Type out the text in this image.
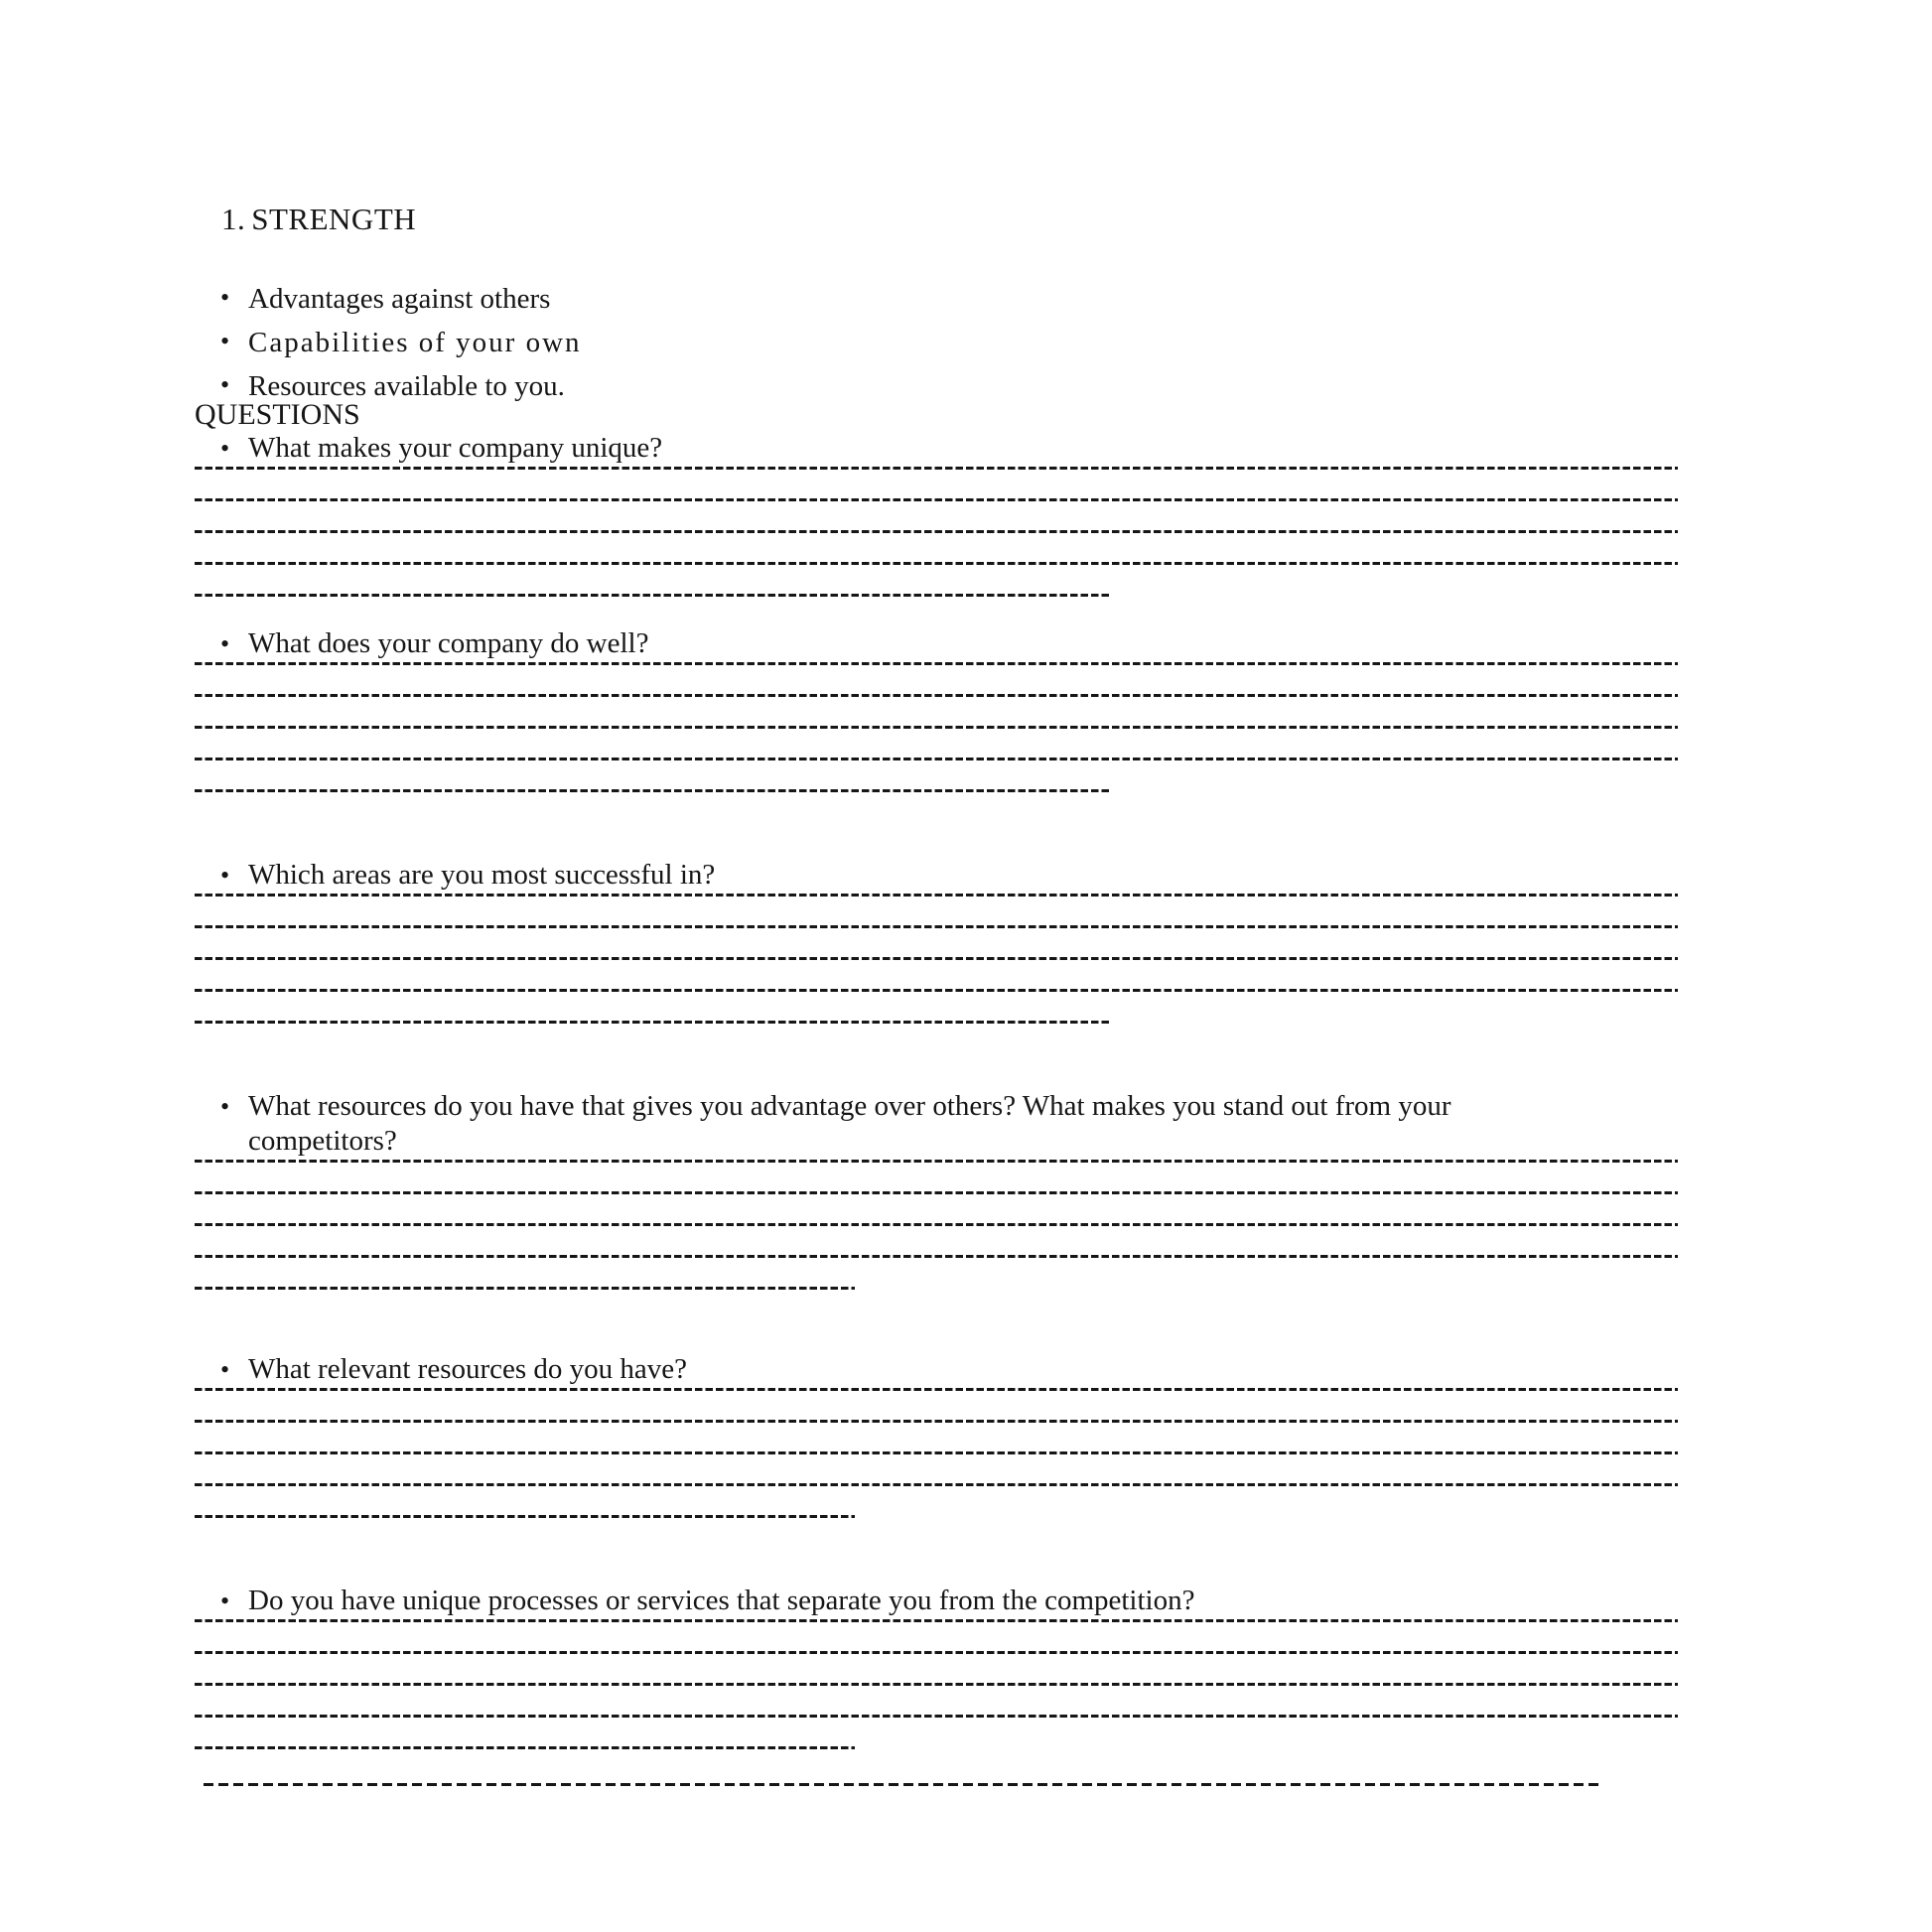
1. STRENGTH
• Advantages against others
• Capabilities of your own
• Resources available to you.
QUESTIONS
• What makes your company unique?
• What does your company do well?
• Which areas are you most successful in?
• What resources do you have that gives you advantage over others? What makes you stand out from your competitors?
• What relevant resources do you have?
• Do you have unique processes or services that separate you from the competition?
